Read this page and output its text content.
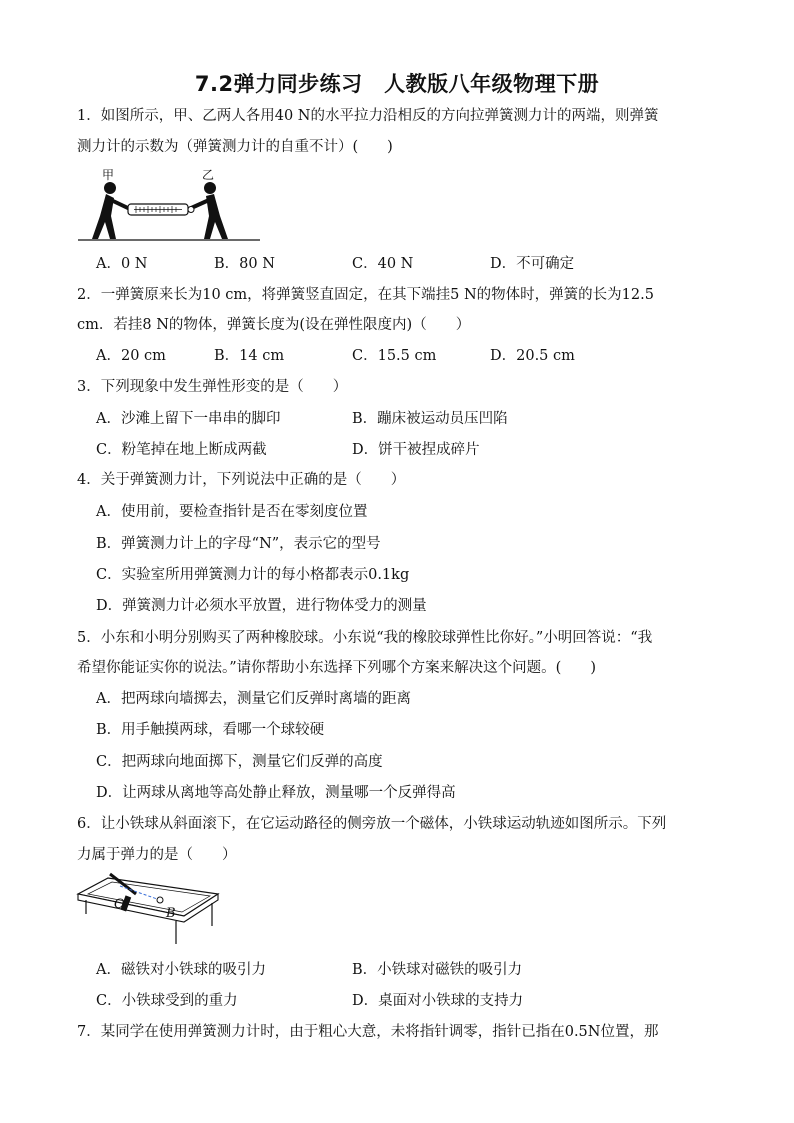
7.2弹力同步练习　人教版八年级物理下册
1．如图所示，甲、乙两人各用40 N的水平拉力沿相反的方向拉弹簧测力计的两端，则弹簧
测力计的示数为（弹簧测力计的自重不计）(　　)
甲	乙
A．0 N	B．80 N	C．40 N	D．不可确定
2．一弹簧原来长为10 cm，将弹簧竖直固定，在其下端挂5 N的物体时，弹簧的长为12.5
cm．若挂8 N的物体，弹簧长度为(设在弹性限度内)（　　）
A．20 cm	B．14 cm	C．15.5 cm	D．20.5 cm
3．下列现象中发生弹性形变的是（　　）
A．沙滩上留下一串串的脚印	B．蹦床被运动员压凹陷
C．粉笔掉在地上断成两截	D．饼干被捏成碎片
4．关于弹簧测力计，下列说法中正确的是（　　）
A．使用前，要检查指针是否在零刻度位置
B．弹簧测力计上的字母“N”，表示它的型号
C．实验室所用弹簧测力计的每小格都表示0.1kg
D．弹簧测力计必须水平放置，进行物体受力的测量
5．小东和小明分别购买了两种橡胶球。小东说“我的橡胶球弹性比你好。”小明回答说：“我
希望你能证实你的说法。”请你帮助小东选择下列哪个方案来解决这个问题。(　　)
A．把两球向墙掷去，测量它们反弹时离墙的距离
B．用手触摸两球，看哪一个球较硬
C．把两球向地面掷下，测量它们反弹的高度
D．让两球从离地等高处静止释放，测量哪一个反弹得高
6．让小铁球从斜面滚下，在它运动路径的侧旁放一个磁体，小铁球运动轨迹如图所示。下列
力属于弹力的是（　　）
O
B
A．磁铁对小铁球的吸引力	B．小铁球对磁铁的吸引力
C．小铁球受到的重力	D．桌面对小铁球的支持力
7．某同学在使用弹簧测力计时，由于粗心大意，未将指针调零，指针已指在0.5N位置，那
